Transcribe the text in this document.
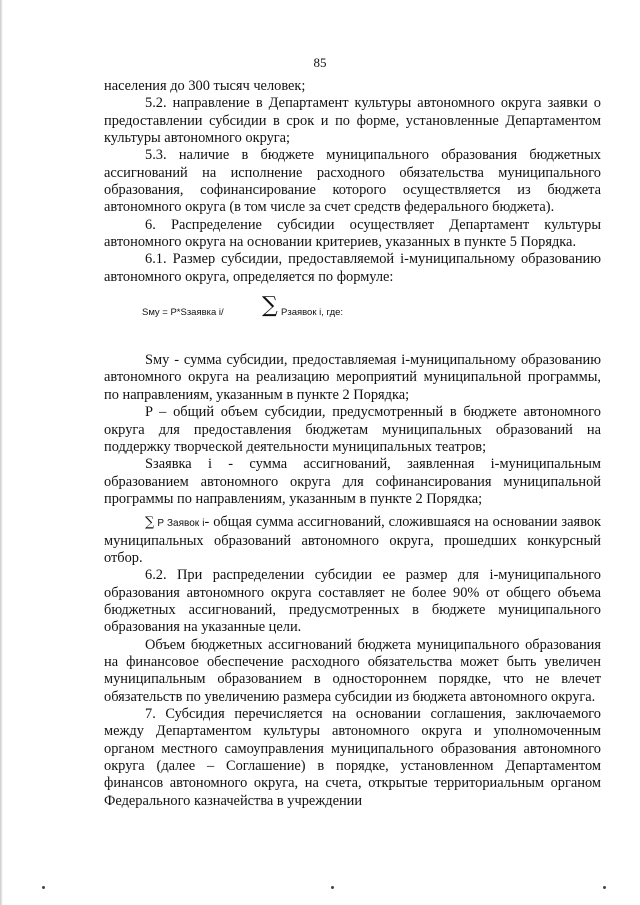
85

населения до 300 тысяч человек;

5.2. направление в Департамент культуры автономного округа заявки о предоставлении субсидии в срок и по форме, установленные Департаментом культуры автономного округа;

5.3. наличие в бюджете муниципального образования бюджетных ассигнований на исполнение расходного обязательства муниципального образования, софинансирование которого осуществляется из бюджета автономного округа (в том числе за счет средств федерального бюджета).

6. Распределение субсидии осуществляет Департамент культуры автономного округа на основании критериев, указанных в пункте 5 Порядка.

6.1. Размер субсидии, предоставляемой i-муниципальному образованию автономного округа, определяется по формуле:

Sмy = P*Sзаявка i/ ∑ Pзаявок i, где:

Sмy - сумма субсидии, предоставляемая i-муниципальному образованию автономного округа на реализацию мероприятий муниципальной программы, по направлениям, указанным в пункте 2 Порядка;

P – общий объем субсидии, предусмотренный в бюджете автономного округа для предоставления бюджетам муниципальных образований на поддержку творческой деятельности муниципальных театров;

Sзаявка i - сумма ассигнований, заявленная i-муниципальным образованием автономного округа для софинансирования муниципальной программы по направлениям, указанным в пункте 2 Порядка;

∑ P Заявок i- общая сумма ассигнований, сложившаяся на основании заявок муниципальных образований автономного округа, прошедших конкурсный отбор.

6.2. При распределении субсидии ее размер для i-муниципального образования автономного округа составляет не более 90% от общего объема бюджетных ассигнований, предусмотренных в бюджете муниципального образования на указанные цели.

Объем бюджетных ассигнований бюджета муниципального образования на финансовое обеспечение расходного обязательства может быть увеличен муниципальным образованием в одностороннем порядке, что не влечет обязательств по увеличению размера субсидии из бюджета автономного округа.

7. Субсидия перечисляется на основании соглашения, заключаемого между Департаментом культуры автономного округа и уполномоченным органом местного самоуправления муниципального образования автономного округа (далее – Соглашение) в порядке, установленном Департаментом финансов автономного округа, на счета, открытые территориальным органом Федерального казначейства в учреждении
